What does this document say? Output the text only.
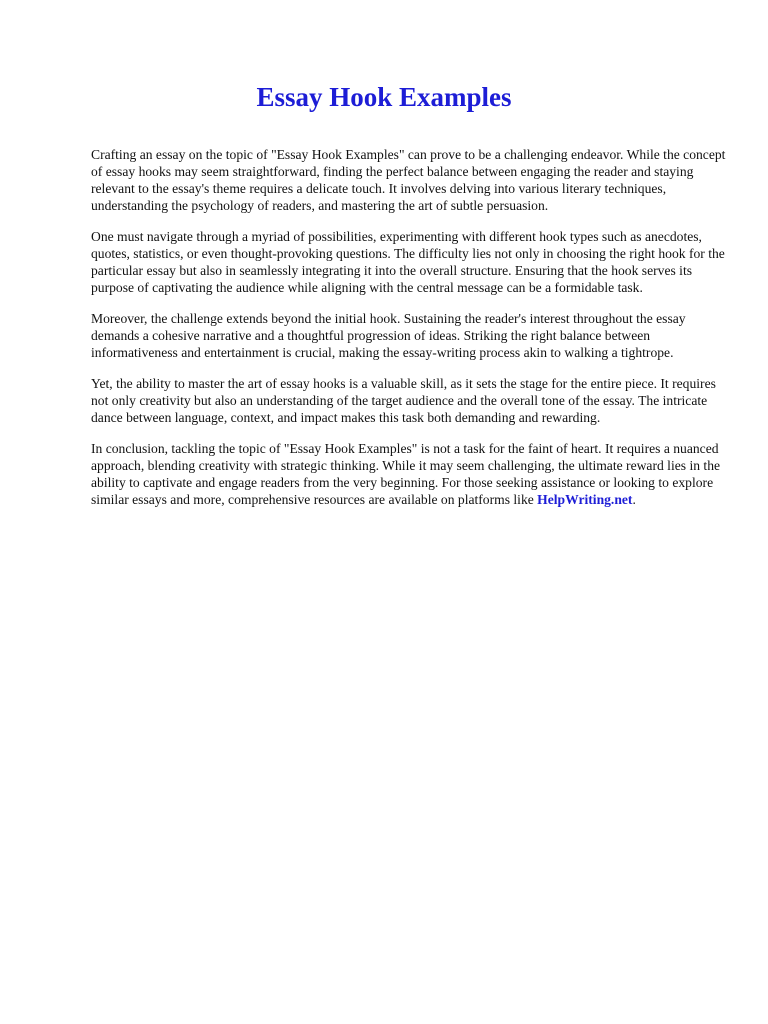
Essay Hook Examples

Crafting an essay on the topic of "Essay Hook Examples" can prove to be a challenging endeavor. While the concept of essay hooks may seem straightforward, finding the perfect balance between engaging the reader and staying relevant to the essay's theme requires a delicate touch. It involves delving into various literary techniques, understanding the psychology of readers, and mastering the art of subtle persuasion.

One must navigate through a myriad of possibilities, experimenting with different hook types such as anecdotes, quotes, statistics, or even thought-provoking questions. The difficulty lies not only in choosing the right hook for the particular essay but also in seamlessly integrating it into the overall structure. Ensuring that the hook serves its purpose of captivating the audience while aligning with the central message can be a formidable task.

Moreover, the challenge extends beyond the initial hook. Sustaining the reader's interest throughout the essay demands a cohesive narrative and a thoughtful progression of ideas. Striking the right balance between informativeness and entertainment is crucial, making the essay-writing process akin to walking a tightrope.

Yet, the ability to master the art of essay hooks is a valuable skill, as it sets the stage for the entire piece. It requires not only creativity but also an understanding of the target audience and the overall tone of the essay. The intricate dance between language, context, and impact makes this task both demanding and rewarding.

In conclusion, tackling the topic of "Essay Hook Examples" is not a task for the faint of heart. It requires a nuanced approach, blending creativity with strategic thinking. While it may seem challenging, the ultimate reward lies in the ability to captivate and engage readers from the very beginning. For those seeking assistance or looking to explore similar essays and more, comprehensive resources are available on platforms like HelpWriting.net.
